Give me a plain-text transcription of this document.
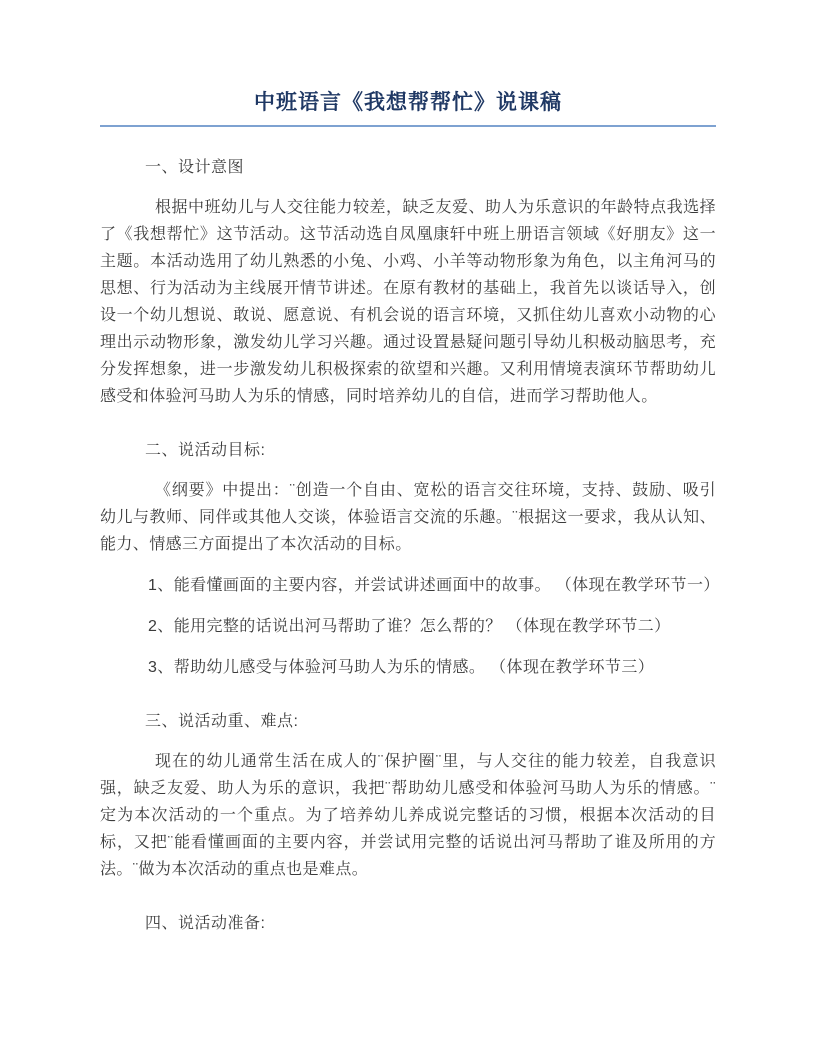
中班语言《我想帮帮忙》说课稿
一、设计意图

根据中班幼儿与人交往能力较差，缺乏友爱、助人为乐意识的年龄特点我选择了《我想帮忙》这节活动。这节活动选自凤凰康轩中班上册语言领域《好朋友》这一主题。本活动选用了幼儿熟悉的小兔、小鸡、小羊等动物形象为角色，以主角河马的思想、行为活动为主线展开情节讲述。在原有教材的基础上，我首先以谈话导入，创设一个幼儿想说、敢说、愿意说、有机会说的语言环境，又抓住幼儿喜欢小动物的心理出示动物形象，激发幼儿学习兴趣。通过设置悬疑问题引导幼儿积极动脑思考，充分发挥想象，进一步激发幼儿积极探索的欲望和兴趣。又利用情境表演环节帮助幼儿感受和体验河马助人为乐的情感，同时培养幼儿的自信，进而学习帮助他人。

二、说活动目标:

《纲要》中提出：¨创造一个自由、宽松的语言交往环境，支持、鼓励、吸引幼儿与教师、同伴或其他人交谈，体验语言交流的乐趣。¨根据这一要求，我从认知、能力、情感三方面提出了本次活动的目标。

1、能看懂画面的主要内容，并尝试讲述画面中的故事。 （体现在教学环节一）

2、能用完整的话说出河马帮助了谁？怎么帮的？ （体现在教学环节二）

3、帮助幼儿感受与体验河马助人为乐的情感。 （体现在教学环节三）

三、说活动重、难点:

现在的幼儿通常生活在成人的¨保护圈¨里，与人交往的能力较差，自我意识强，缺乏友爱、助人为乐的意识，我把¨帮助幼儿感受和体验河马助人为乐的情感。¨定为本次活动的一个重点。为了培养幼儿养成说完整话的习惯，根据本次活动的目标，又把¨能看懂画面的主要内容，并尝试用完整的话说出河马帮助了谁及所用的方法。¨做为本次活动的重点也是难点。

四、说活动准备:
